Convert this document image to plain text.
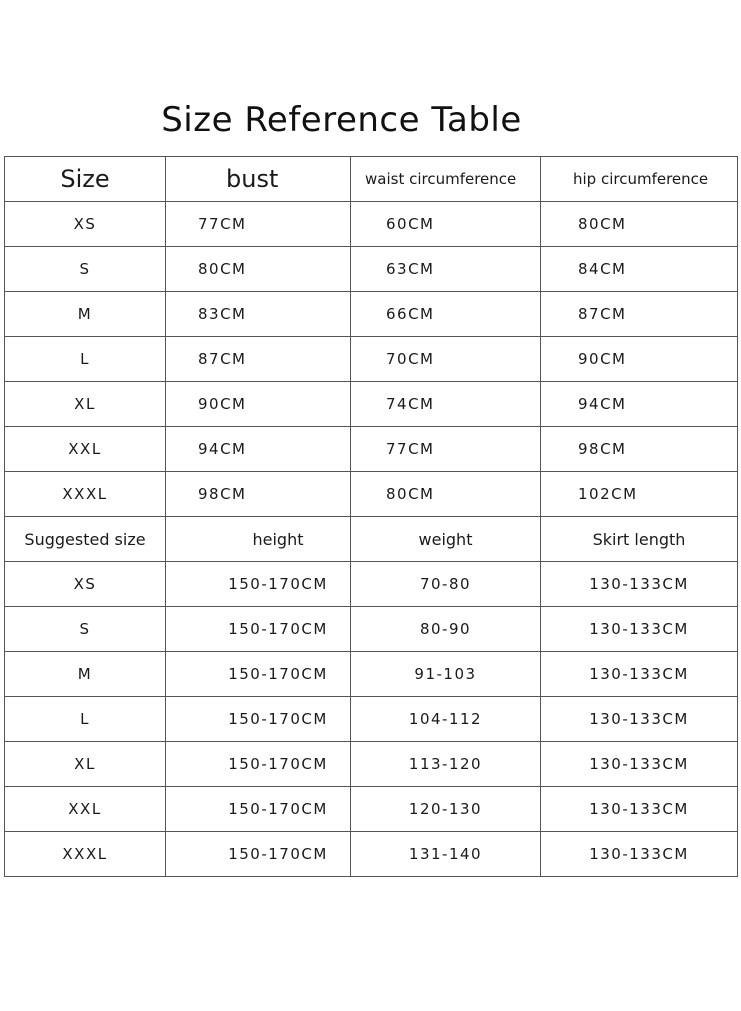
Size Reference Table
Size	bust	waist circumference	hip circumference
XS	77CM	60CM	80CM
S	80CM	63CM	84CM
M	83CM	66CM	87CM
L	87CM	70CM	90CM
XL	90CM	74CM	94CM
XXL	94CM	77CM	98CM
XXXL	98CM	80CM	102CM
Suggested size	height	weight	Skirt length
XS	150-170CM	70-80	130-133CM
S	150-170CM	80-90	130-133CM
M	150-170CM	91-103	130-133CM
L	150-170CM	104-112	130-133CM
XL	150-170CM	113-120	130-133CM
XXL	150-170CM	120-130	130-133CM
XXXL	150-170CM	131-140	130-133CM
